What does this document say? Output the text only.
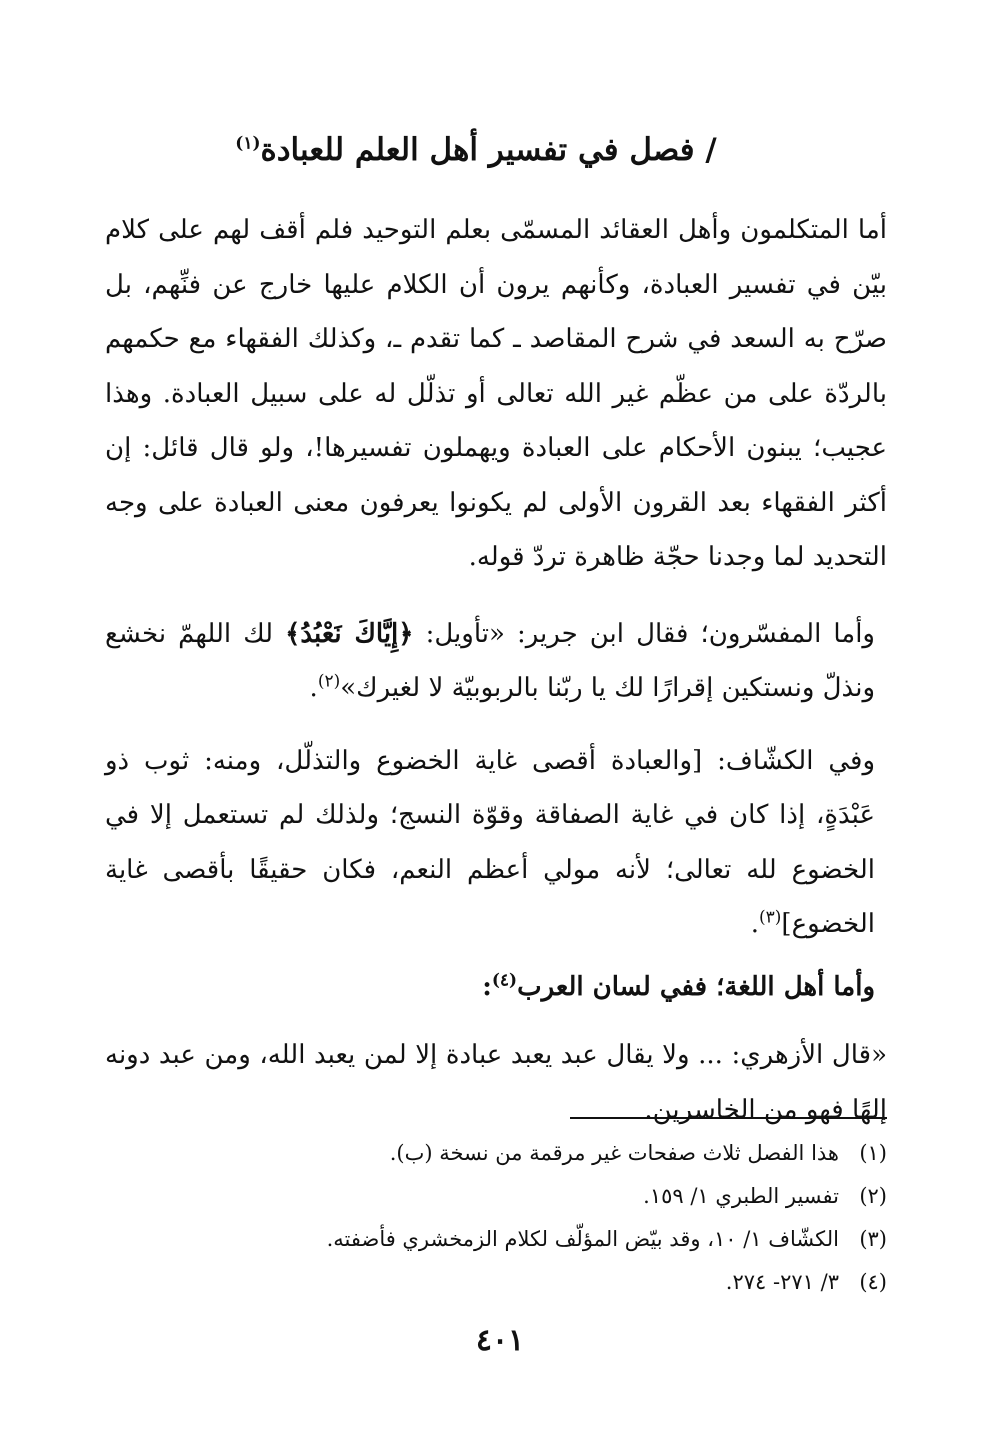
/ فصل في تفسير أهل العلم للعبادة$^{(١)}$

أما المتكلمون وأهل العقائد المسمّى بعلم التوحيد فلم أقف لهم على كلام بيّن في تفسير العبادة، وكأنهم يرون أن الكلام عليها خارج عن فنِّهم، بل صرّح به السعد في شرح المقاصد ـ كما تقدم ـ، وكذلك الفقهاء مع حكمهم بالردّة على من عظّم غير الله تعالى أو تذلّل له على سبيل العبادة. وهذا عجيب؛ يبنون الأحكام على العبادة ويهملون تفسيرها!، ولو قال قائل: إن أكثر الفقهاء بعد القرون الأولى لم يكونوا يعرفون معنى العبادة على وجه التحديد لما وجدنا حجّة ظاهرة تردّ قوله.

وأما المفسّرون؛ فقال ابن جرير: «تأويل: ﴿إِيَّاكَ نَعْبُدُ﴾ لك اللهمّ نخشع ونذلّ ونستكين إقرارًا لك يا ربّنا بالربوبيّة لا لغيرك»$^{(٢)}$.

وفي الكشّاف: [والعبادة أقصى غاية الخضوع والتذلّل، ومنه: ثوب ذو عَبْدَةٍ، إذا كان في غاية الصفاقة وقوّة النسج؛ ولذلك لم تستعمل إلا في الخضوع لله تعالى؛ لأنه مولي أعظم النعم، فكان حقيقًا بأقصى غاية الخضوع]$^{(٣)}$.

وأما أهل اللغة؛ ففي لسان العرب$^{(٤)}$:

«قال الأزهري: ... ولا يقال عبد يعبد عبادة إلا لمن يعبد الله، ومن عبد دونه إلهًا فهو من الخاسرين.

(١)
هذا الفصل ثلاث صفحات غير مرقمة من نسخة (ب).
(٢)
تفسير الطبري ١/ ١٥٩.
(٣)
الكشّاف ١/ ١٠، وقد بيّض المؤلّف لكلام الزمخشري فأضفته.
(٤)
٣/ ٢٧١- ٢٧٤.
٤٠١
